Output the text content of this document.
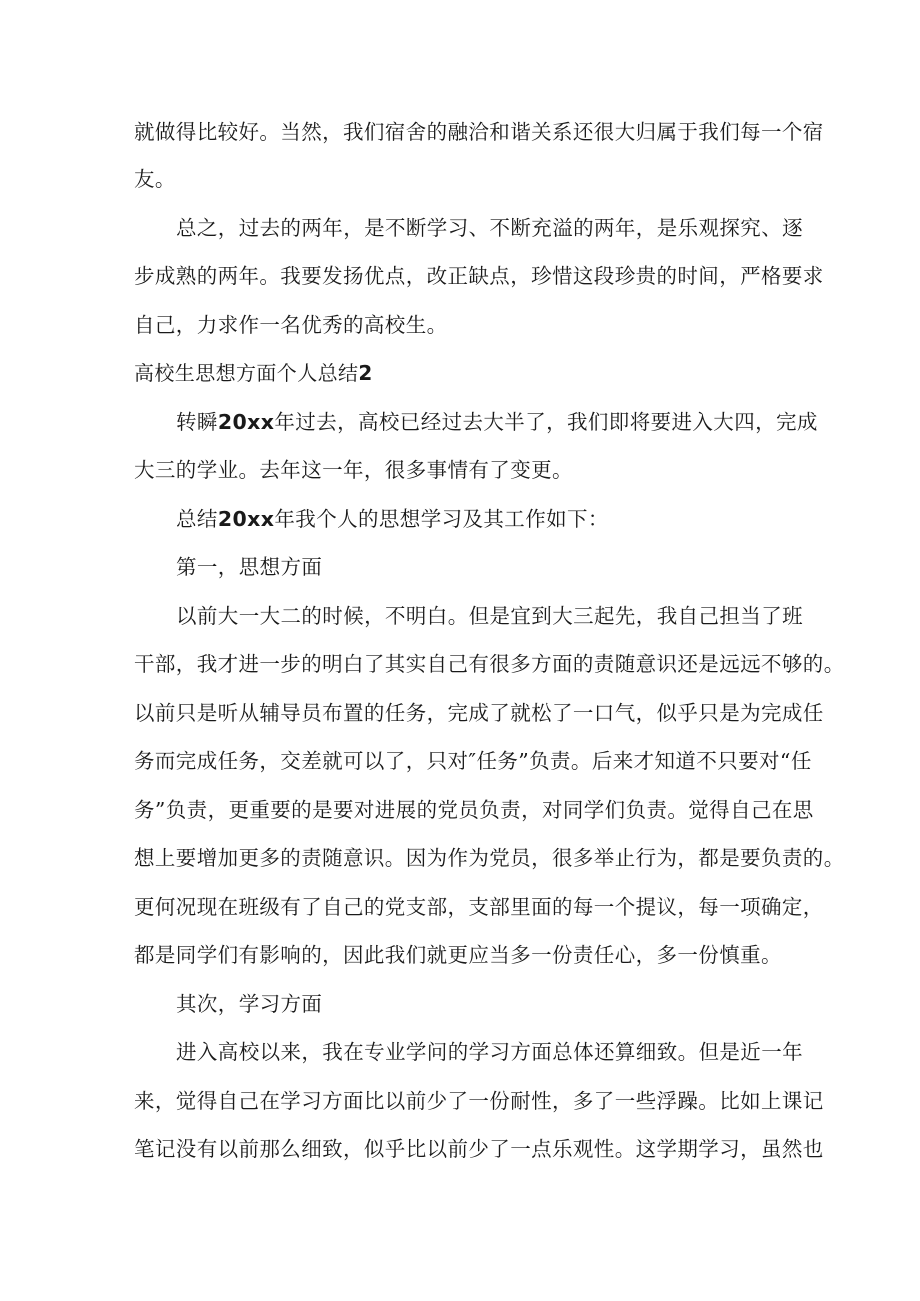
就做得比较好。当然，我们宿舍的融洽和谐关系还很大归属于我们每一个宿
友。
总之，过去的两年，是不断学习、不断充溢的两年，是乐观探究、逐
步成熟的两年。我要发扬优点，改正缺点，珍惜这段珍贵的时间，严格要求
自己，力求作一名优秀的高校生。
高校生思想方面个人总结2
转瞬20xx年过去，高校已经过去大半了，我们即将要进入大四，完成
大三的学业。去年这一年，很多事情有了变更。
总结20xx年我个人的思想学习及其工作如下：
第一，思想方面
以前大一大二的时候，不明白。但是宜到大三起先，我自己担当了班
干部，我才进一步的明白了其实自己有很多方面的责随意识还是远远不够的。
以前只是听从辅导员布置的任务，完成了就松了一口气，似乎只是为完成任
务而完成任务，交差就可以了，只对″任务”负责。后来才知道不只要对“任
务”负责，更重要的是要对进展的党员负责，对同学们负责。觉得自己在思
想上要增加更多的责随意识。因为作为党员，很多举止行为，都是要负责的。
更何况现在班级有了自己的党支部，支部里面的每一个提议，每一项确定，
都是同学们有影响的，因此我们就更应当多一份责任心，多一份慎重。
其次，学习方面
进入高校以来，我在专业学问的学习方面总体还算细致。但是近一年
来，觉得自己在学习方面比以前少了一份耐性，多了一些浮躁。比如上课记
笔记没有以前那么细致，似乎比以前少了一点乐观性。这学期学习，虽然也
